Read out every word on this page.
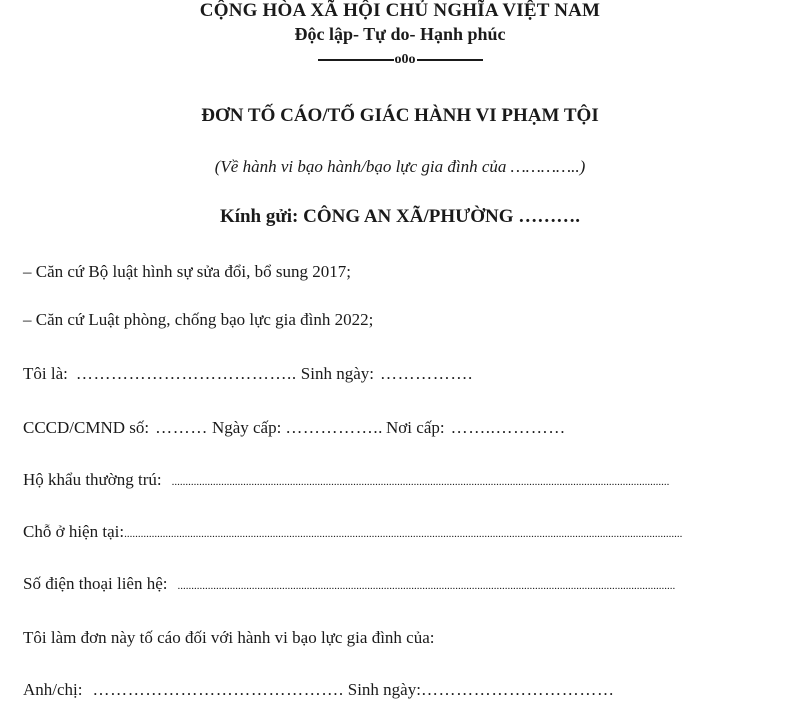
CỘNG HÒA XÃ HỘI CHỦ NGHĨA VIỆT NAM
Độc lập- Tự do- Hạnh phúc
o0o
ĐƠN TỐ CÁO/TỐ GIÁC HÀNH VI PHẠM TỘI
(Về hành vi bạo hành/bạo lực gia đình của …………..)
Kính gửi: CÔNG AN XÃ/PHƯỜNG ……….
– Căn cứ Bộ luật hình sự sửa đổi, bổ sung 2017;
– Căn cứ Luật phòng, chống bạo lực gia đình 2022;
Tôi là: ……………………………….. Sinh ngày: …………….
CCCD/CMND số: ……… Ngày cấp: …………….. Nơi cấp: ……..…………
Hộ khẩu thường trú: .....................................................................................................................................................................................
Chỗ ở hiện tại: ...........................................................................................................................................................................................................
Số điện thoại liên hệ: .....................................................................................................................................................................................
Tôi làm đơn này tố cáo đối với hành vi bạo lực gia đình của:
Anh/chị: ……………………………………. Sinh ngày: ……………………………
